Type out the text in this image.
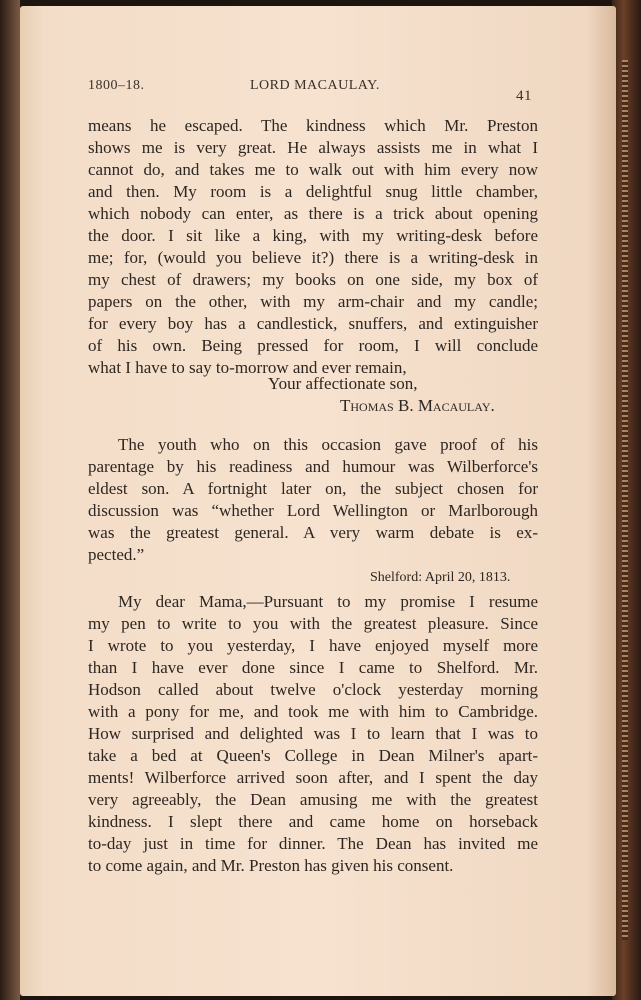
1800–18.	LORD MACAULAY.
41
means he escaped. The kindness which Mr. Preston
shows me is very great. He always assists me in what I
cannot do, and takes me to walk out with him every now
and then. My room is a delightful snug little chamber,
which nobody can enter, as there is a trick about opening
the door. I sit like a king, with my writing-desk before
me; for, (would you believe it?) there is a writing-desk in
my chest of drawers; my books on one side, my box of
papers on the other, with my arm-chair and my candle;
for every boy has a candlestick, snuffers, and extinguisher
of his own. Being pressed for room, I will conclude
what I have to say to-morrow and ever remain,
Your affectionate son,
Thomas B. Macaulay.
The youth who on this occasion gave proof of his
parentage by his readiness and humour was Wilberforce's
eldest son. A fortnight later on, the subject chosen for
discussion was “whether Lord Wellington or Marlborough
was the greatest general. A very warm debate is ex-
pected.”
Shelford: April 20, 1813.
My dear Mama,—Pursuant to my promise I resume
my pen to write to you with the greatest pleasure. Since
I wrote to you yesterday, I have enjoyed myself more
than I have ever done since I came to Shelford. Mr.
Hodson called about twelve o'clock yesterday morning
with a pony for me, and took me with him to Cambridge.
How surprised and delighted was I to learn that I was to
take a bed at Queen's College in Dean Milner's apart-
ments! Wilberforce arrived soon after, and I spent the day
very agreeably, the Dean amusing me with the greatest
kindness. I slept there and came home on horseback
to-day just in time for dinner. The Dean has invited me
to come again, and Mr. Preston has given his consent.
